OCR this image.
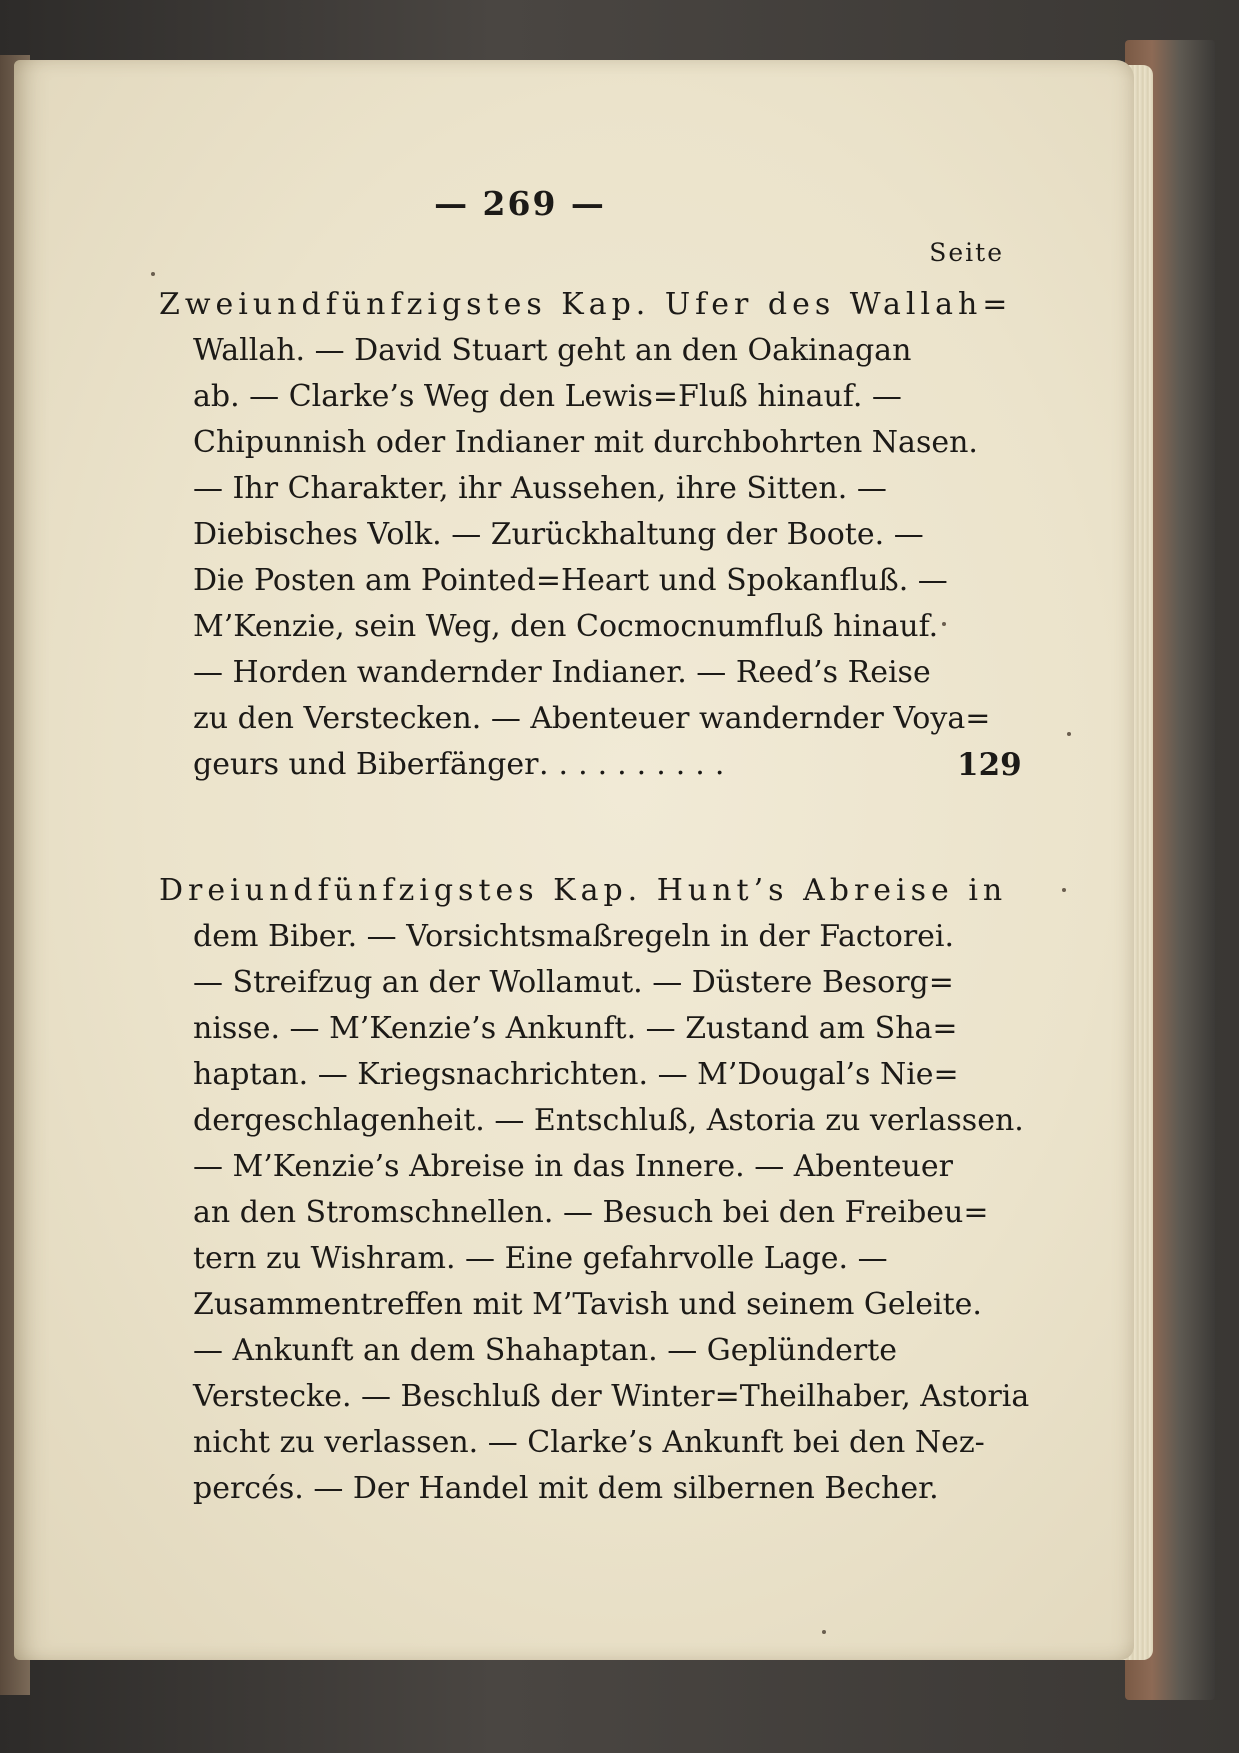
— 269 —
Seite
Zweiundfünfzigstes Kap. Ufer des Wallah=
Wallah. — David Stuart geht an den Oakinagan
ab. — Clarke’s Weg den Lewis=Fluß hinauf. —
Chipunnish oder Indianer mit durchbohrten Nasen.
— Ihr Charakter, ihr Aussehen, ihre Sitten. —
Diebisches Volk. — Zurückhaltung der Boote. —
Die Posten am Pointed=Heart und Spokanfluß. —
M’Kenzie, sein Weg, den Cocmocnumfluß hinauf.
— Horden wandernder Indianer. — Reed’s Reise
zu den Verstecken. — Abenteuer wandernder Voya=
geurs und Biberfänger ..........	129
Dreiundfünfzigstes Kap. Hunt’s Abreise in
dem Biber. — Vorsichtsmaßregeln in der Factorei.
— Streifzug an der Wollamut. — Düstere Besorg=
nisse. — M’Kenzie’s Ankunft. — Zustand am Sha=
haptan. — Kriegsnachrichten. — M’Dougal’s Nie=
dergeschlagenheit. — Entschluß, Astoria zu verlassen.
— M’Kenzie’s Abreise in das Innere. — Abenteuer
an den Stromschnellen. — Besuch bei den Freibeu=
tern zu Wishram. — Eine gefahrvolle Lage. —
Zusammentreffen mit M’Tavish und seinem Geleite.
— Ankunft an dem Shahaptan. — Geplünderte
Verstecke. — Beschluß der Winter=Theilhaber, Astoria
nicht zu verlassen. — Clarke’s Ankunft bei den Nez-
percés. — Der Handel mit dem silbernen Becher.
